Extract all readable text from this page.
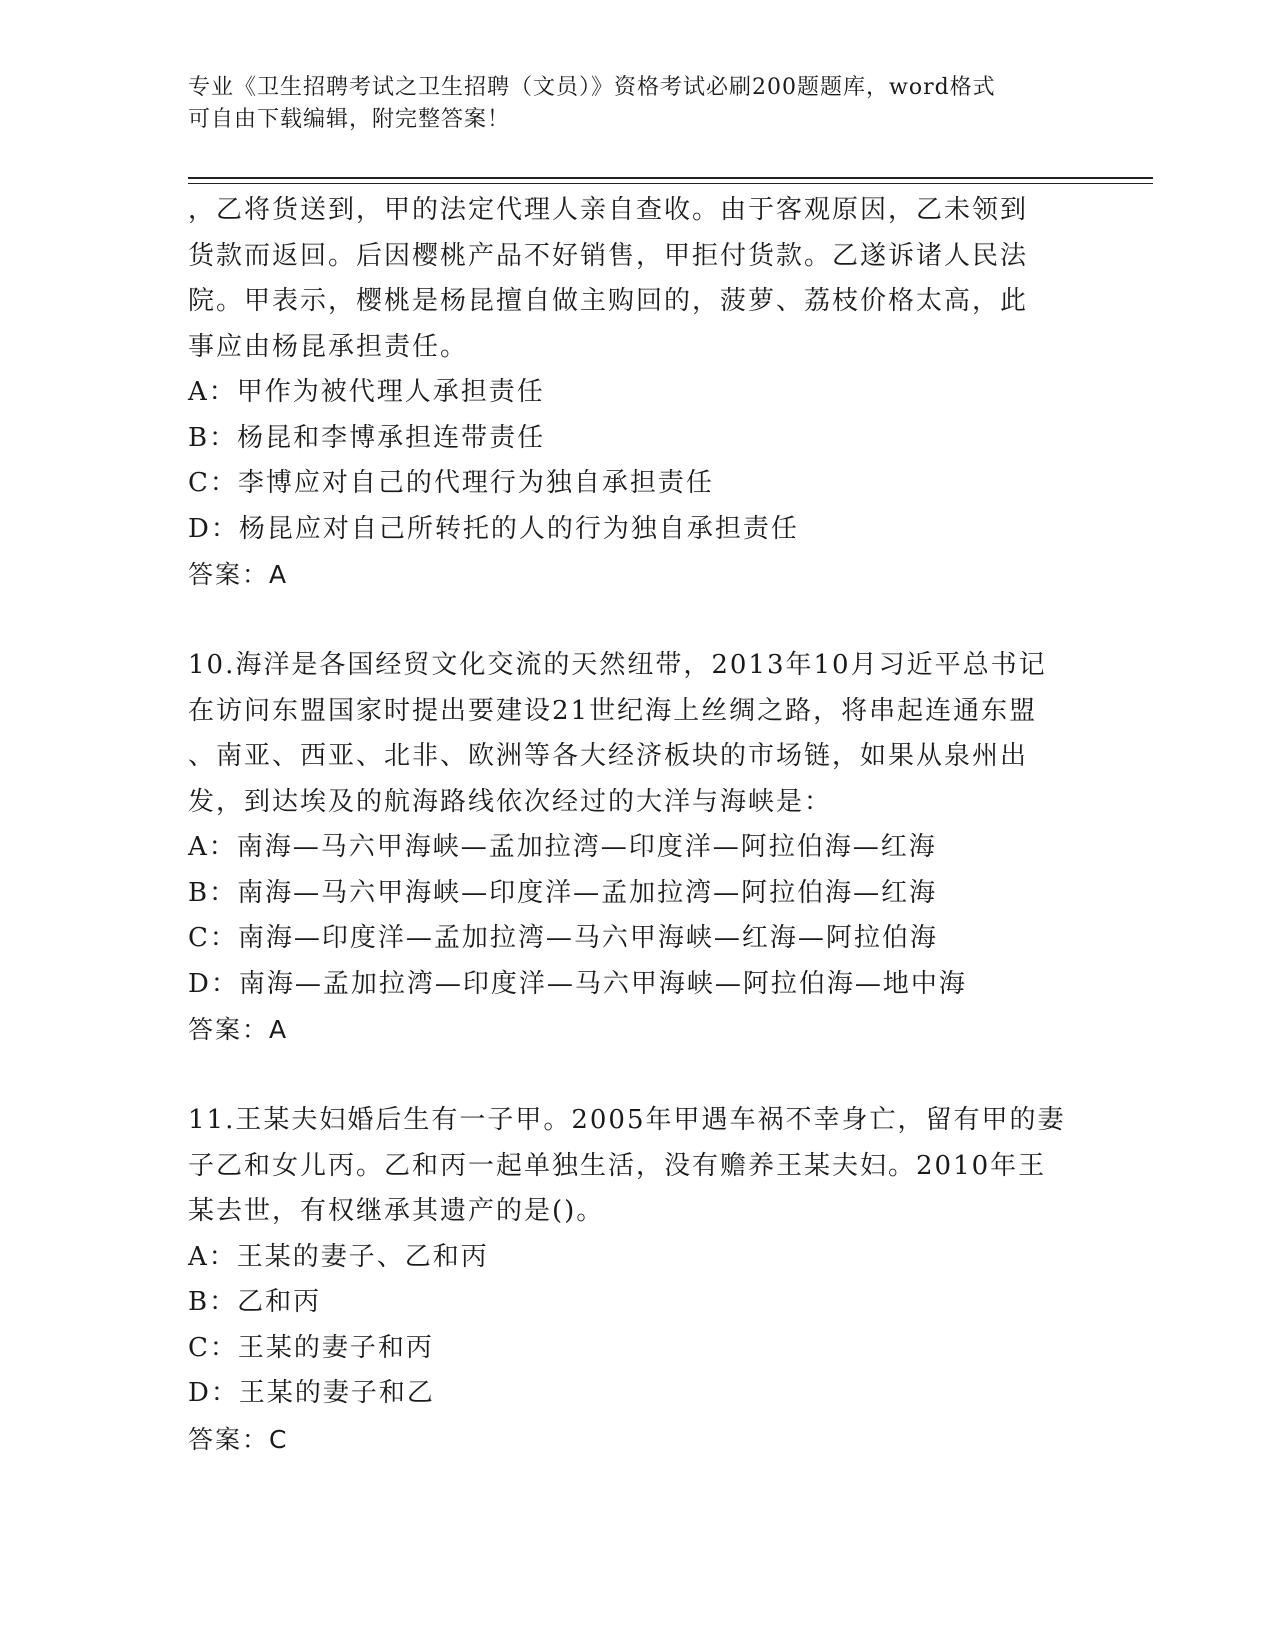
专业《卫生招聘考试之卫生招聘（文员）》资格考试必刷200题题库，word格式
可自由下载编辑，附完整答案！
，乙将货送到，甲的法定代理人亲自查收。由于客观原因，乙未领到
货款而返回。后因樱桃产品不好销售，甲拒付货款。乙遂诉诸人民法
院。甲表示，樱桃是杨昆擅自做主购回的，菠萝、荔枝价格太高，此
事应由杨昆承担责任。
A：甲作为被代理人承担责任
B：杨昆和李博承担连带责任
C：李博应对自己的代理行为独自承担责任
D：杨昆应对自己所转托的人的行为独自承担责任
答案：A
10.海洋是各国经贸文化交流的天然纽带，2013年10月习近平总书记
在访问东盟国家时提出要建设21世纪海上丝绸之路，将串起连通东盟
、南亚、西亚、北非、欧洲等各大经济板块的市场链，如果从泉州出
发，到达埃及的航海路线依次经过的大洋与海峡是：
A：南海—马六甲海峡—孟加拉湾—印度洋—阿拉伯海—红海
B：南海—马六甲海峡—印度洋—孟加拉湾—阿拉伯海—红海
C：南海—印度洋—孟加拉湾—马六甲海峡—红海—阿拉伯海
D：南海—孟加拉湾—印度洋—马六甲海峡—阿拉伯海—地中海
答案：A
11.王某夫妇婚后生有一子甲。2005年甲遇车祸不幸身亡，留有甲的妻
子乙和女儿丙。乙和丙一起单独生活，没有赡养王某夫妇。2010年王
某去世，有权继承其遗产的是()。
A：王某的妻子、乙和丙
B：乙和丙
C：王某的妻子和丙
D：王某的妻子和乙
答案：C
